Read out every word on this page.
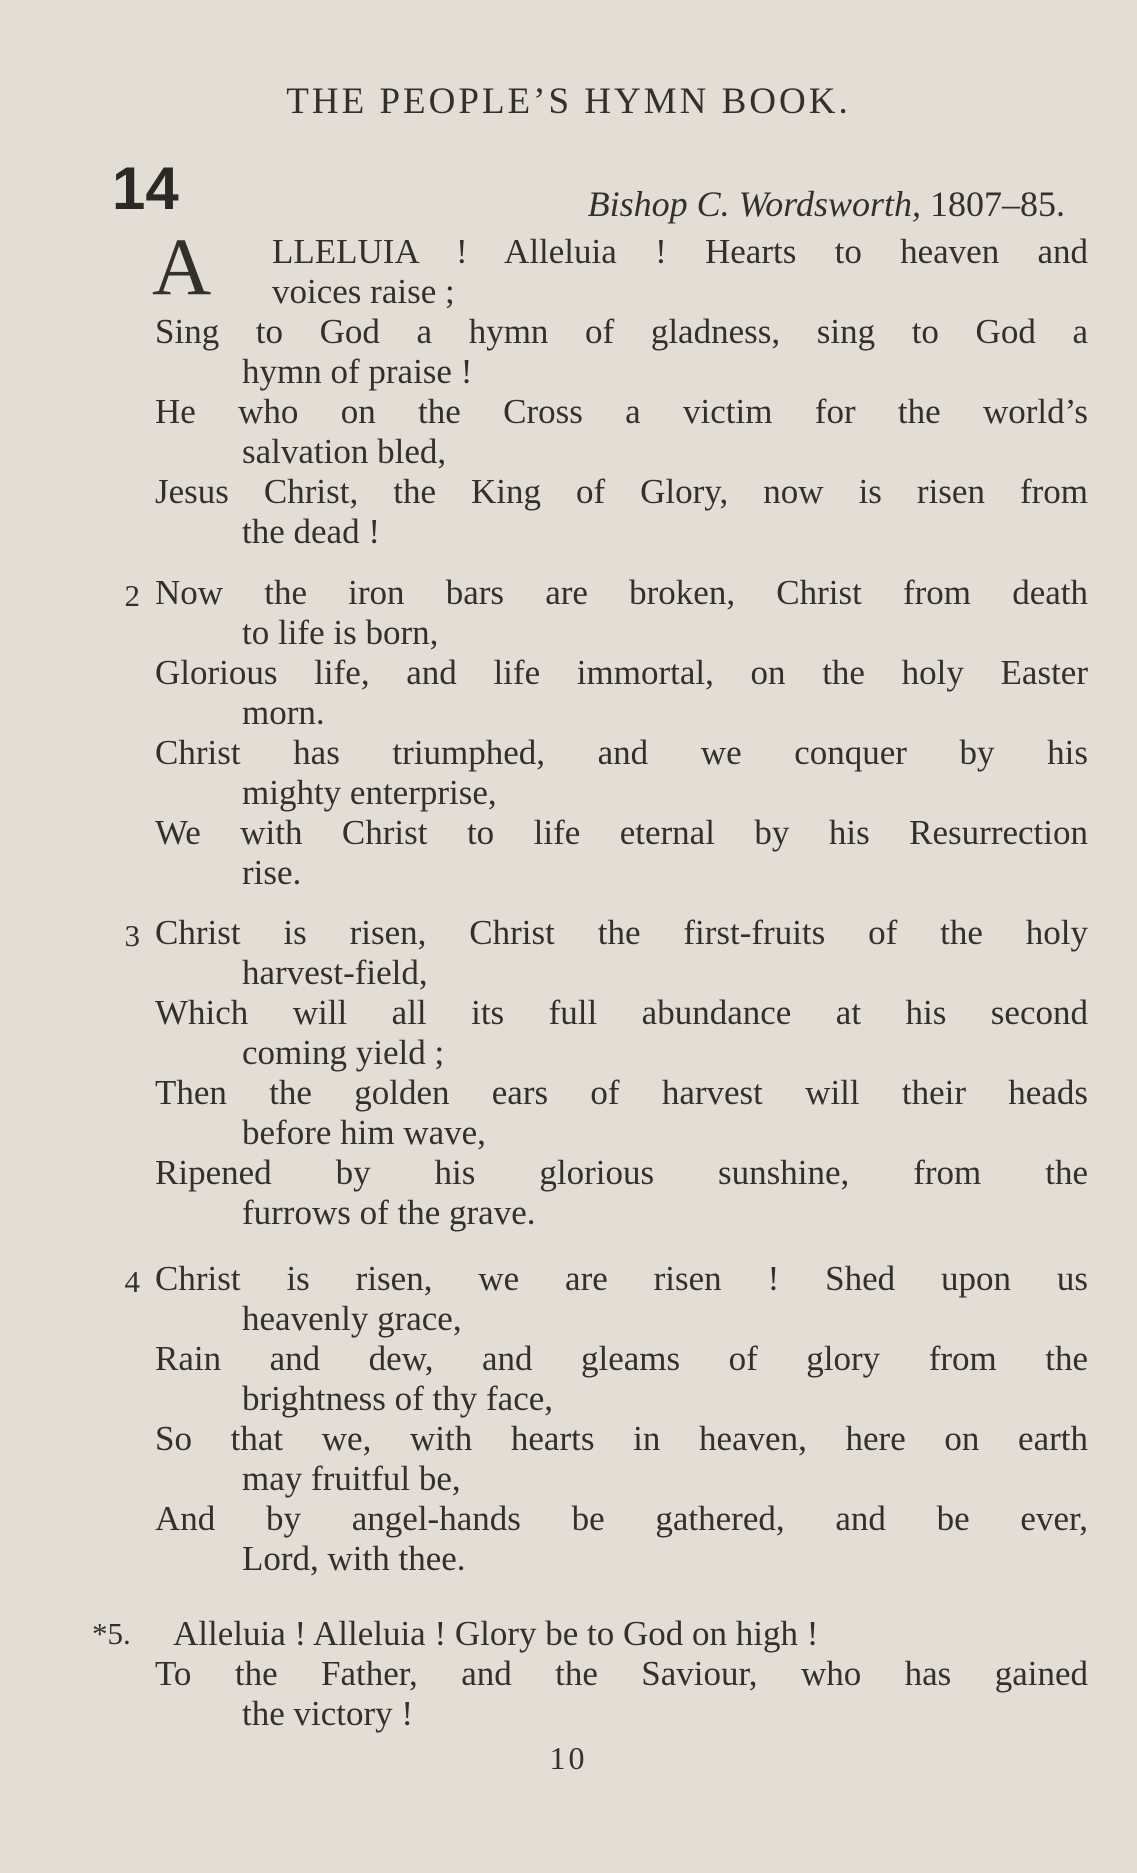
THE PEOPLE’S HYMN BOOK.
14	Bishop C. Wordsworth, 1807–85.
A LLELUIA ! Alleluia ! Hearts to heaven and
voices raise ;
Sing to God a hymn of gladness, sing to God a
hymn of praise !
He who on the Cross a victim for the world’s
salvation bled,
Jesus Christ, the King of Glory, now is risen from
the dead !
2 Now the iron bars are broken, Christ from death
to life is born,
Glorious life, and life immortal, on the holy Easter
morn.
Christ has triumphed, and we conquer by his
mighty enterprise,
We with Christ to life eternal by his Resurrection
rise.
3 Christ is risen, Christ the first-fruits of the holy
harvest-field,
Which will all its full abundance at his second
coming yield ;
Then the golden ears of harvest will their heads
before him wave,
Ripened by his glorious sunshine, from the
furrows of the grave.
4 Christ is risen, we are risen ! Shed upon us
heavenly grace,
Rain and dew, and gleams of glory from the
brightness of thy face,
So that we, with hearts in heaven, here on earth
may fruitful be,
And by angel-hands be gathered, and be ever,
Lord, with thee.
*5.	Alleluia ! Alleluia ! Glory be to God on high !
To the Father, and the Saviour, who has gained
the victory !
10
